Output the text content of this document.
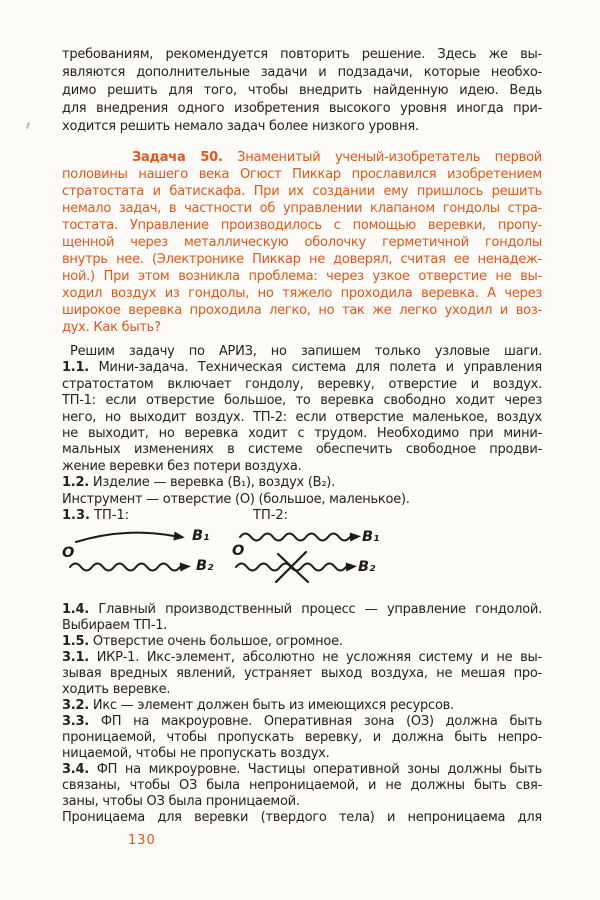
требованиям, рекомендуется повторить решение. Здесь же вы-
являются дополнительные задачи и подзадачи, которые необхо-
димо решить для того, чтобы внедрить найденную идею. Ведь
для внедрения одного изобретения высокого уровня иногда при-
ходится решить немало задач более низкого уровня.
Задача 50. Знаменитый ученый-изобретатель первой
половины нашего века Огюст Пиккар прославился изобретением
стратостата и батискафа. При их создании ему пришлось решить
немало задач, в частности об управлении клапаном гондолы стра-
тостата. Управление производилось с помощью веревки, пропу-
щенной через металлическую оболочку герметичной гондолы
внутрь нее. (Электронике Пиккар не доверял, считая ее ненадеж-
ной.) При этом возникла проблема: через узкое отверстие не вы-
ходил воздух из гондолы, но тяжело проходила веревка. А через
широкое веревка проходила легко, но так же легко уходил и воз-
дух. Как быть?
Решим задачу по АРИЗ, но запишем только узловые шаги.
1.1. Мини-задача. Техническая система для полета и управления
стратостатом включает гондолу, веревку, отверстие и воздух.
ТП-1: если отверстие большое, то веревка свободно ходит через
него, но выходит воздух. ТП-2: если отверстие маленькое, воздух
не выходит, но веревка ходит с трудом. Необходимо при мини-
мальных изменениях в системе обеспечить свободное продви-
жение веревки без потери воздуха.
1.2. Изделие — веревка (В₁), воздух (В₂).
Инструмент — отверстие (О) (большое, маленькое).
1.3. ТП-1:	ТП-2:
О
В₁
В₂
О
В₁
В₂
1.4. Главный производственный процесс — управление гондолой.
Выбираем ТП-1.
1.5. Отверстие очень большое, огромное.
3.1. ИКР-1. Икс-элемент, абсолютно не усложняя систему и не вы-
зывая вредных явлений, устраняет выход воздуха, не мешая про-
ходить веревке.
3.2. Икс — элемент должен быть из имеющихся ресурсов.
3.3. ФП на макроуровне. Оперативная зона (ОЗ) должна быть
проницаемой, чтобы пропускать веревку, и должна быть непро-
ницаемой, чтобы не пропускать воздух.
3.4. ФП на микроуровне. Частицы оперативной зоны должны быть
связаны, чтобы ОЗ была непроницаемой, и не должны быть свя-
заны, чтобы ОЗ была проницаемой.
Проницаема для веревки (твердого тела) и непроницаема для
130
